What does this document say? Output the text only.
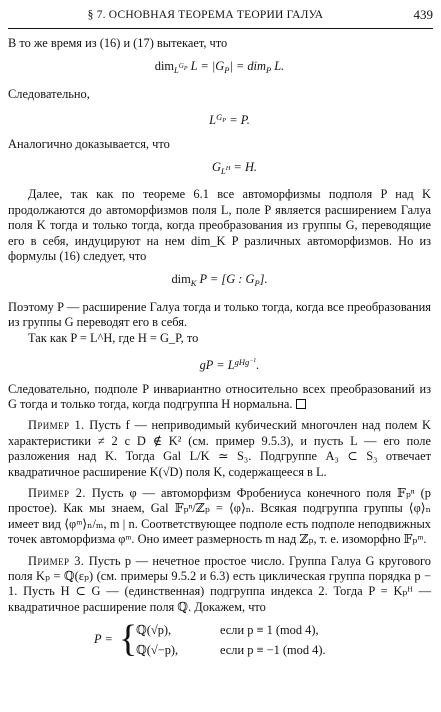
§ 7. ОСНОВНАЯ ТЕОРЕМА ТЕОРИИ ГАЛУА	439

В то же время из (16) и (17) вытекает, что

dim$_{L^{GP}}$ $L = |G_P| = dim_P$ L.

Следовательно,

$L^{G_P} = P$.

Аналогично доказывается, что

$G_{L^H} = H$.

Далее, так как по теореме 6.1 все автоморфизмы подполя P над K продолжаются до автоморфизмов поля L, поле P является расширением Галуа поля K тогда и только тогда, когда преобразования из группы G, переводящие его в себя, индуцируют на нем dim_K P различных автоморфизмов. Но из формулы (16) следует, что

dim$_K$ P = [G : $G_P$].

Поэтому P — расширение Галуа тогда и только тогда, когда все преобразования из группы G переводят его в себя.

Так как P = L^H, где H = G_P, то

gP = $L^{gHg^{-1}}$.

Следовательно, подполе P инвариантно относительно всех преобразований из G тогда и только тогда, когда подгруппа H нормальна.

Пример 1. Пусть f — неприводимый кубический многочлен над полем K характеристики ≠ 2 с D ∉ K² (см. пример 9.5.3), и пусть L — его поле разложения над K. Тогда Gal L/K ≃ S₃. Подгруппе A₃ ⊂ S₃ отвечает квадратичное расширение K(√D) поля K, содержащееся в L.

Пример 2. Пусть φ — автоморфизм Фробениуса конечного поля 𝔽ₚⁿ (p простое). Как мы знаем, Gal 𝔽ₚⁿ/ℤₚ = ⟨φ⟩ₙ. Всякая подгруппа группы ⟨φ⟩ₙ имеет вид ⟨φᵐ⟩ₙ/ₘ, m | n. Соответствующее подполе есть подполе неподвижных точек автоморфизма φᵐ. Оно имеет размерность m над ℤₚ, т. е. изоморфно 𝔽ₚᵐ.

Пример 3. Пусть p — нечетное простое число. Группа Галуа G кругового поля Kₚ = ℚ(εₚ) (см. примеры 9.5.2 и 6.3) есть циклическая группа порядка p − 1. Пусть H ⊂ G — (единственная) подгруппа индекса 2. Тогда P = Kₚᴴ — квадратичное расширение поля ℚ. Докажем, что

P = {
ℚ(√p),	если p ≡ 1 (mod 4),
ℚ(√−p),	если p ≡ −1 (mod 4).
